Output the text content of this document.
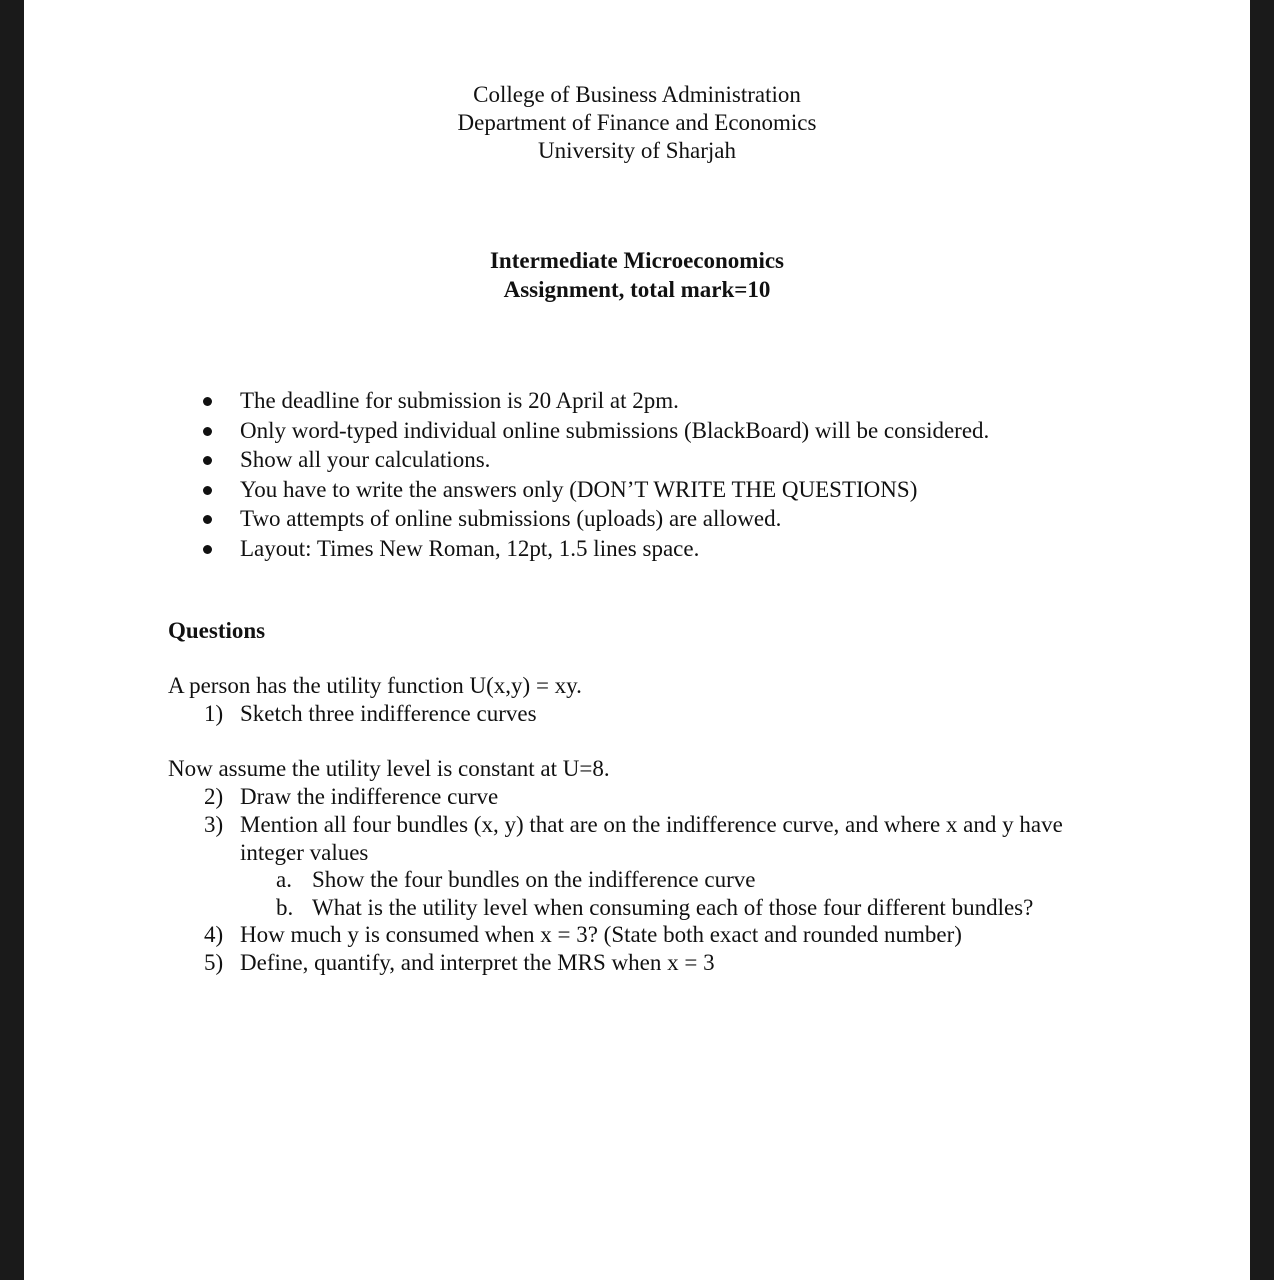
College of Business Administration
Department of Finance and Economics
University of Sharjah
Intermediate Microeconomics
Assignment, total mark=10
The deadline for submission is 20 April at 2pm.
Only word-typed individual online submissions (BlackBoard) will be considered.
Show all your calculations.
You have to write the answers only (DON’T WRITE THE QUESTIONS)
Two attempts of online submissions (uploads) are allowed.
Layout: Times New Roman, 12pt, 1.5 lines space.
Questions
A person has the utility function U(x,y) = xy.
1) Sketch three indifference curves
Now assume the utility level is constant at U=8.
2) Draw the indifference curve
3) Mention all four bundles (x, y) that are on the indifference curve, and where x and y have integer values
a. Show the four bundles on the indifference curve
b. What is the utility level when consuming each of those four different bundles?
4) How much y is consumed when x = 3? (State both exact and rounded number)
5) Define, quantify, and interpret the MRS when x = 3
